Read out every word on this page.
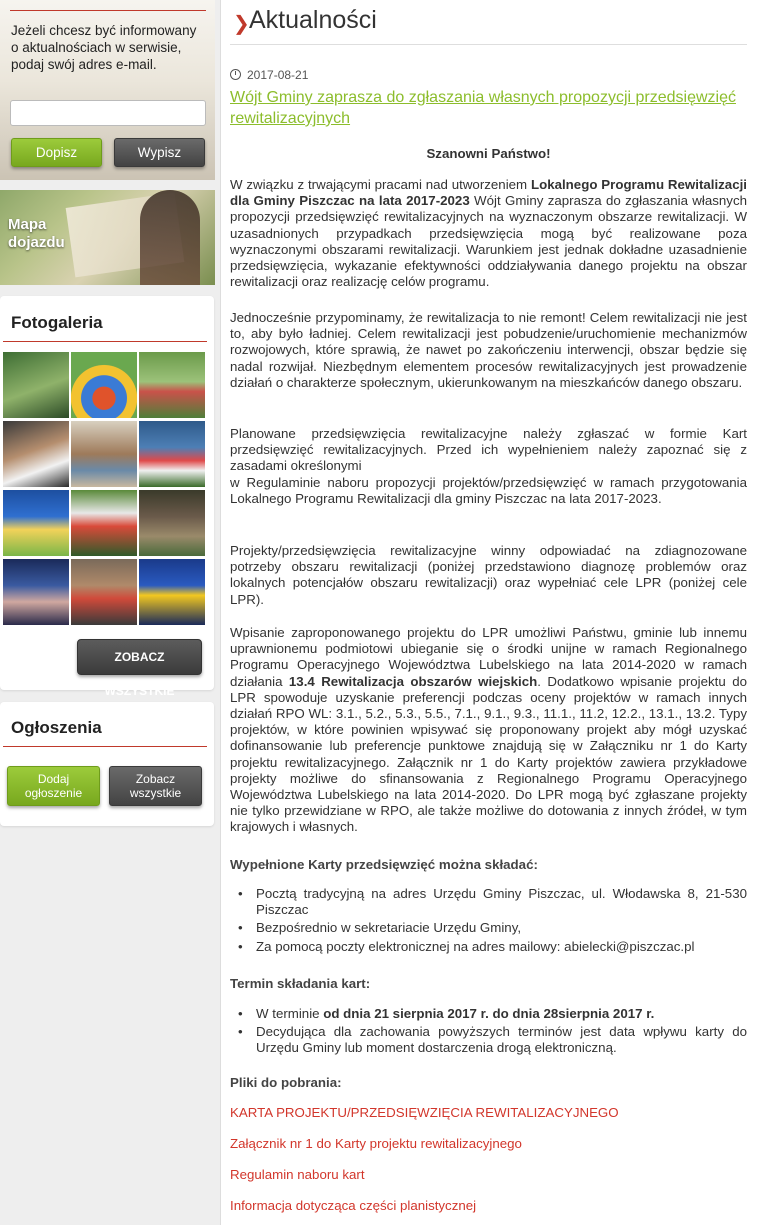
Jeżeli chcesz być informowany o aktualnościach w serwisie, podaj swój adres e-mail.
Dopisz	Wypisz
Mapa dojazdu
Fotogaleria
ZOBACZ WSZYSTKIE
Ogłoszenia
Dodaj ogłoszenie
Zobacz wszystkie
❯ Aktualności
2017-08-21
Wójt Gminy zaprasza do zgłaszania własnych propozycji przedsięwzięć rewitalizacyjnych
Szanowni Państwo!

W związku z trwającymi pracami nad utworzeniem Lokalnego Programu Rewitalizacji dla Gminy Piszczac na lata 2017-2023 Wójt Gminy zaprasza do zgłaszania własnych propozycji przedsięwzięć rewitalizacyjnych na wyznaczonym obszarze rewitalizacji. W uzasadnionych przypadkach przedsięwzięcia mogą być realizowane poza wyznaczonymi obszarami rewitalizacji. Warunkiem jest jednak dokładne uzasadnienie przedsięwzięcia, wykazanie efektywności oddziaływania danego projektu na obszar rewitalizacji oraz realizację celów programu.

Jednocześnie przypominamy, że rewitalizacja to nie remont! Celem rewitalizacji nie jest to, aby było ładniej. Celem rewitalizacji jest pobudzenie/uruchomienie mechanizmów rozwojowych, które sprawią, że nawet po zakończeniu interwencji, obszar będzie się nadal rozwijał. Niezbędnym elementem procesów rewitalizacyjnych jest prowadzenie działań o charakterze społecznym, ukierunkowanym na mieszkańców danego obszaru.

Planowane przedsięwzięcia rewitalizacyjne należy zgłaszać w formie Kart przedsięwzięć rewitalizacyjnych. Przed ich wypełnieniem należy zapoznać się z zasadami określonymi

w Regulaminie naboru propozycji projektów/przedsięwzięć w ramach przygotowania Lokalnego Programu Rewitalizacji dla gminy Piszczac na lata 2017-2023.

Projekty/przedsięwzięcia rewitalizacyjne winny odpowiadać na zdiagnozowane potrzeby obszaru rewitalizacji (poniżej przedstawiono diagnozę problemów oraz lokalnych potencjałów obszaru rewitalizacji) oraz wypełniać cele LPR (poniżej cele LPR).

Wpisanie zaproponowanego projektu do LPR umożliwi Państwu, gminie lub innemu uprawnionemu podmiotowi ubieganie się o środki unijne w ramach Regionalnego Programu Operacyjnego Województwa Lubelskiego na lata 2014-2020 w ramach działania 13.4 Rewitalizacja obszarów wiejskich. Dodatkowo wpisanie projektu do LPR spowoduje uzyskanie preferencji podczas oceny projektów w ramach innych działań RPO WL: 3.1., 5.2., 5.3., 5.5., 7.1., 9.1., 9.3., 11.1., 11.2, 12.2., 13.1., 13.2. Typy projektów, w które powinien wpisywać się proponowany projekt aby mógł uzyskać dofinansowanie lub preferencje punktowe znajdują się w Załączniku nr 1 do Karty projektu rewitalizacyjnego. Załącznik nr 1 do Karty projektów zawiera przykładowe projekty możliwe do sfinansowania z Regionalnego Programu Operacyjnego Województwa Lubelskiego na lata 2014-2020. Do LPR mogą być zgłaszane projekty nie tylko przewidziane w RPO, ale także możliwe do dotowania z innych źródeł, w tym krajowych i własnych.

Wypełnione Karty przedsięwzięć można składać:
• Pocztą tradycyjną na adres Urzędu Gminy Piszczac, ul. Włodawska 8, 21-530 Piszczac
• Bezpośrednio w sekretariacie Urzędu Gminy,
• Za pomocą poczty elektronicznej na adres mailowy: abielecki@piszczac.pl
Termin składania kart:
• W terminie od dnia 21 sierpnia 2017 r. do dnia 28sierpnia 2017 r.
• Decydująca dla zachowania powyższych terminów jest data wpływu karty do Urzędu Gminy lub moment dostarczenia drogą elektroniczną.
Pliki do pobrania:
KARTA PROJEKTU/PRZEDSIĘWZIĘCIA REWITALIZACYJNEGO
Załącznik nr 1 do Karty projektu rewitalizacyjnego
Regulamin naboru kart
Informacja dotycząca części planistycznej
